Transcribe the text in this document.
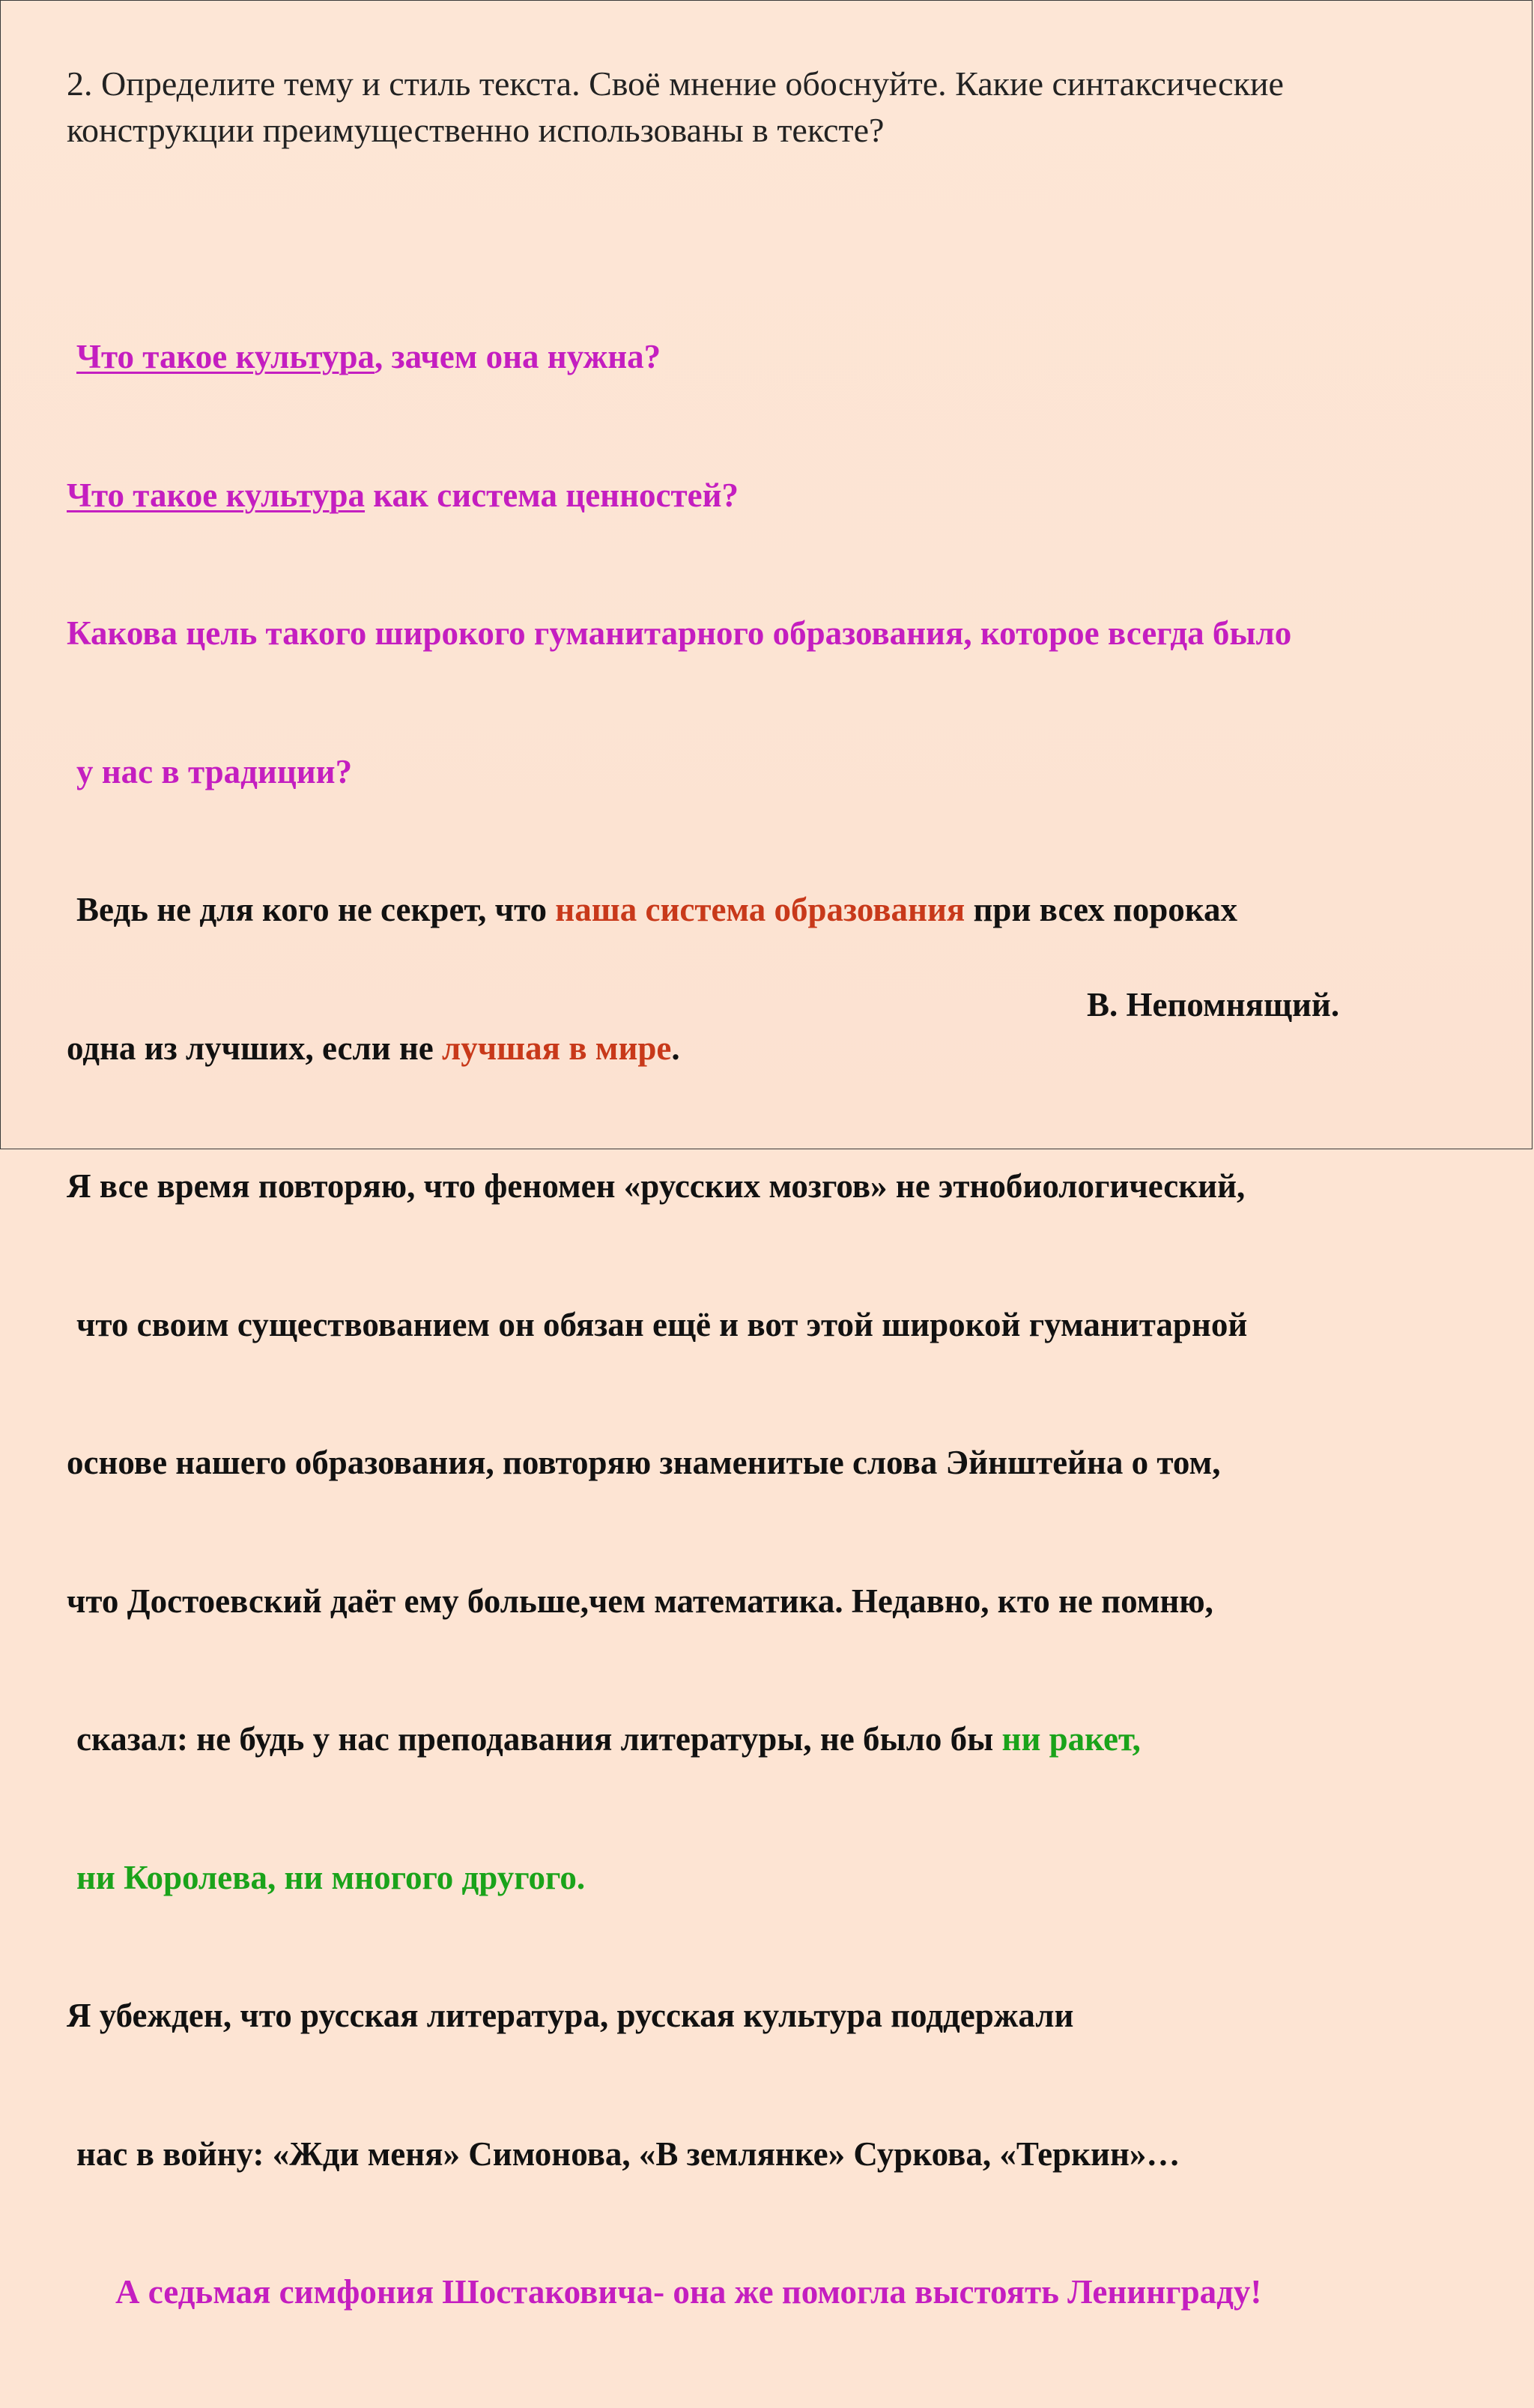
2. Определите тему и стиль текста. Своё мнение обоснуйте. Какие синтаксические
конструкции преимущественно использованы в тексте?

Что такое культура, зачем она нужна?

Что такое культура как система ценностей?

Какова цель такого широкого гуманитарного образования, которое всегда было

у нас в традиции?

Ведь не для кого не секрет, что наша система образования при всех пороках

одна из лучших, если не лучшая в мире.

Я все время повторяю, что феномен «русских мозгов» не этнобиологический,

что своим существованием он обязан ещё и вот этой широкой гуманитарной

основе нашего образования, повторяю знаменитые слова Эйнштейна о том,

что Достоевский даёт ему больше,чем математика. Недавно, кто не помню,

сказал: не будь у нас преподавания литературы, не было бы ни ракет,

ни Королева, ни многого другого.

Я убежден, что русская литература, русская культура поддержали

нас в войну: «Жди меня» Симонова, «В землянке» Суркова, «Теркин»…

А седьмая симфония Шостаковича- она же помогла выстоять Ленинграду!

В. Непомнящий.
